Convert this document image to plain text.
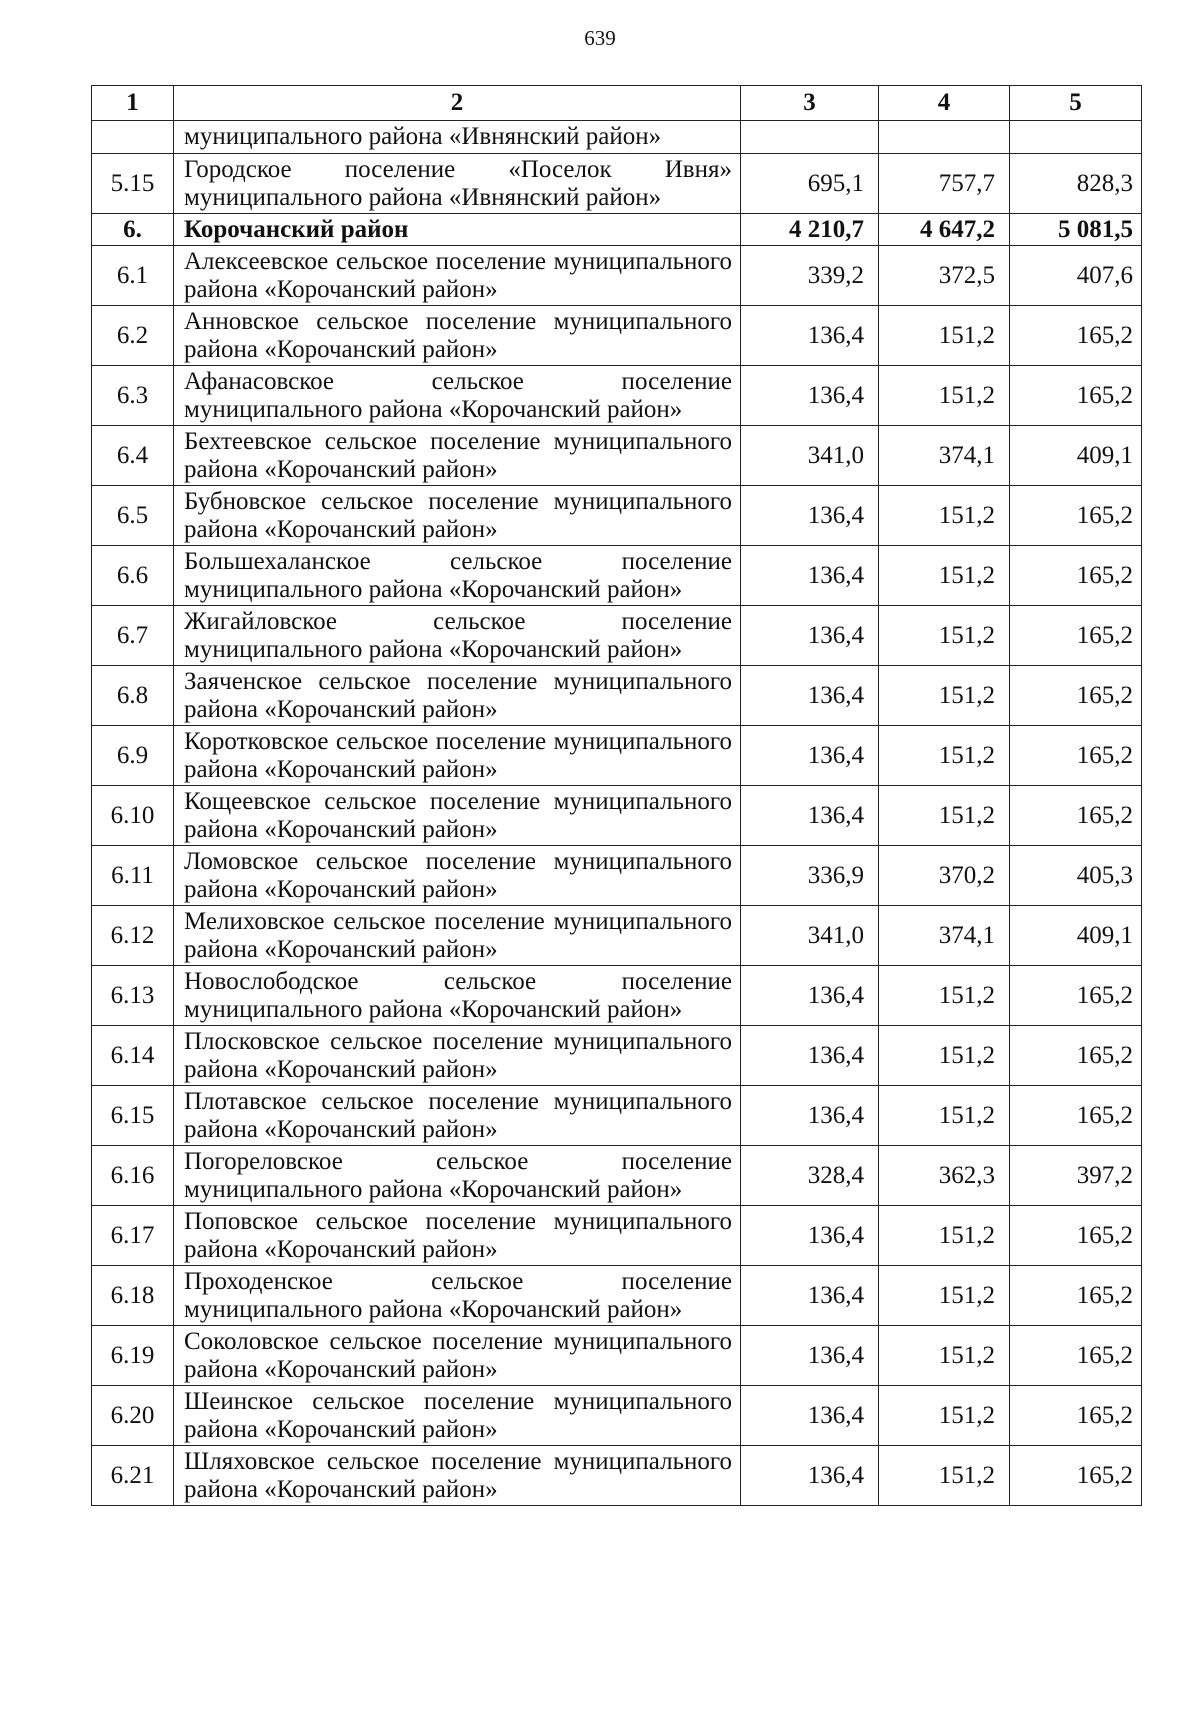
639
1	2	3	4	5
	муниципального района «Ивнянский район»			
5.15	Городское поселение «Поселок Ивня» муниципального района «Ивнянский район»	695,1	757,7	828,3
6.	Корочанский район	4 210,7	4 647,2	5 081,5
6.1	Алексеевское сельское поселение муниципального района «Корочанский район»	339,2	372,5	407,6
6.2	Анновское сельское поселение муниципального района «Корочанский район»	136,4	151,2	165,2
6.3	Афанасовское сельское поселение муниципального района «Корочанский район»	136,4	151,2	165,2
6.4	Бехтеевское сельское поселение муниципального района «Корочанский район»	341,0	374,1	409,1
6.5	Бубновское сельское поселение муниципального района «Корочанский район»	136,4	151,2	165,2
6.6	Большехаланское сельское поселение муниципального района «Корочанский район»	136,4	151,2	165,2
6.7	Жигайловское сельское поселение муниципального района «Корочанский район»	136,4	151,2	165,2
6.8	Заяченское сельское поселение муниципального района «Корочанский район»	136,4	151,2	165,2
6.9	Коротковское сельское поселение муниципального района «Корочанский район»	136,4	151,2	165,2
6.10	Кощеевское сельское поселение муниципального района «Корочанский район»	136,4	151,2	165,2
6.11	Ломовское сельское поселение муниципального района «Корочанский район»	336,9	370,2	405,3
6.12	Мелиховское сельское поселение муниципального района «Корочанский район»	341,0	374,1	409,1
6.13	Новослободское сельское поселение муниципального района «Корочанский район»	136,4	151,2	165,2
6.14	Плосковское сельское поселение муниципального района «Корочанский район»	136,4	151,2	165,2
6.15	Плотавское сельское поселение муниципального района «Корочанский район»	136,4	151,2	165,2
6.16	Погореловское сельское поселение муниципального района «Корочанский район»	328,4	362,3	397,2
6.17	Поповское сельское поселение муниципального района «Корочанский район»	136,4	151,2	165,2
6.18	Проходенское сельское поселение муниципального района «Корочанский район»	136,4	151,2	165,2
6.19	Соколовское сельское поселение муниципального района «Корочанский район»	136,4	151,2	165,2
6.20	Шеинское сельское поселение муниципального района «Корочанский район»	136,4	151,2	165,2
6.21	Шляховское сельское поселение муниципального района «Корочанский район»	136,4	151,2	165,2
